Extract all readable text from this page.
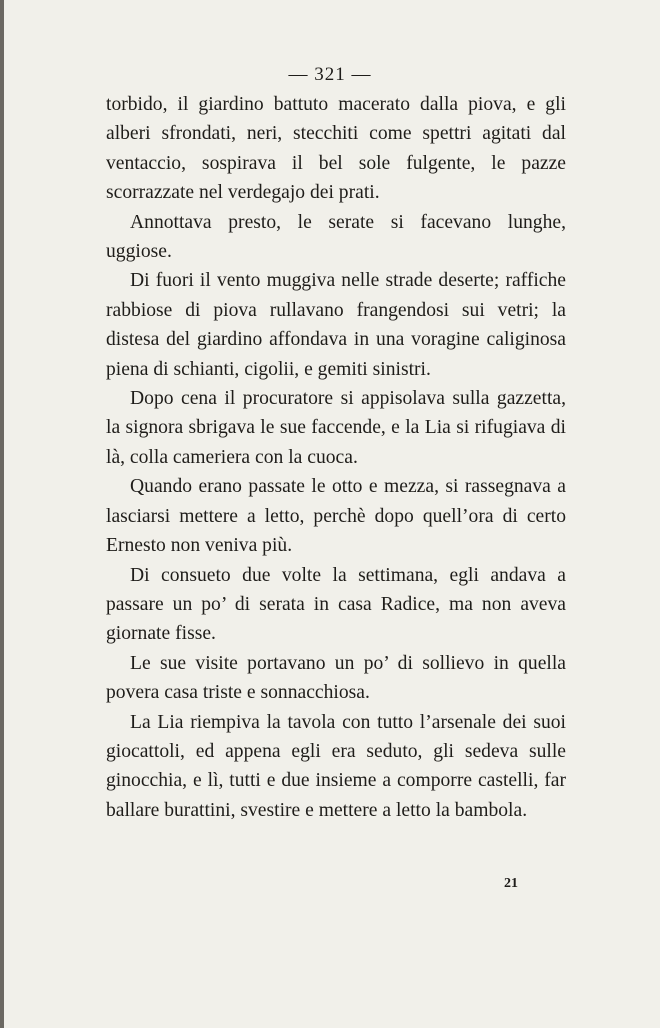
— 321 —

torbido, il giardino battuto macerato dalla piova, e gli alberi sfrondati, neri, stecchiti come spettri agitati dal ventaccio, sospirava il bel sole fulgente, le pazze scorrazzate nel verdegajo dei prati.

Annottava presto, le serate si facevano lunghe, uggiose.

Di fuori il vento muggiva nelle strade deserte; raffiche rabbiose di piova rullavano frangendosi sui vetri; la distesa del giardino affondava in una voragine caliginosa piena di schianti, cigolii, e gemiti sinistri.

Dopo cena il procuratore si appisolava sulla gazzetta, la signora sbrigava le sue faccende, e la Lia si rifugiava di là, colla cameriera con la cuoca.

Quando erano passate le otto e mezza, si rassegnava a lasciarsi mettere a letto, perchè dopo quell’ora di certo Ernesto non veniva più.

Di consueto due volte la settimana, egli andava a passare un po’ di serata in casa Radice, ma non aveva giornate fisse.

Le sue visite portavano un po’ di sollievo in quella povera casa triste e sonnacchiosa.

La Lia riempiva la tavola con tutto l’arsenale dei suoi giocattoli, ed appena egli era seduto, gli sedeva sulle ginocchia, e lì, tutti e due insieme a comporre castelli, far ballare burattini, svestire e mettere a letto la bambola.

21
